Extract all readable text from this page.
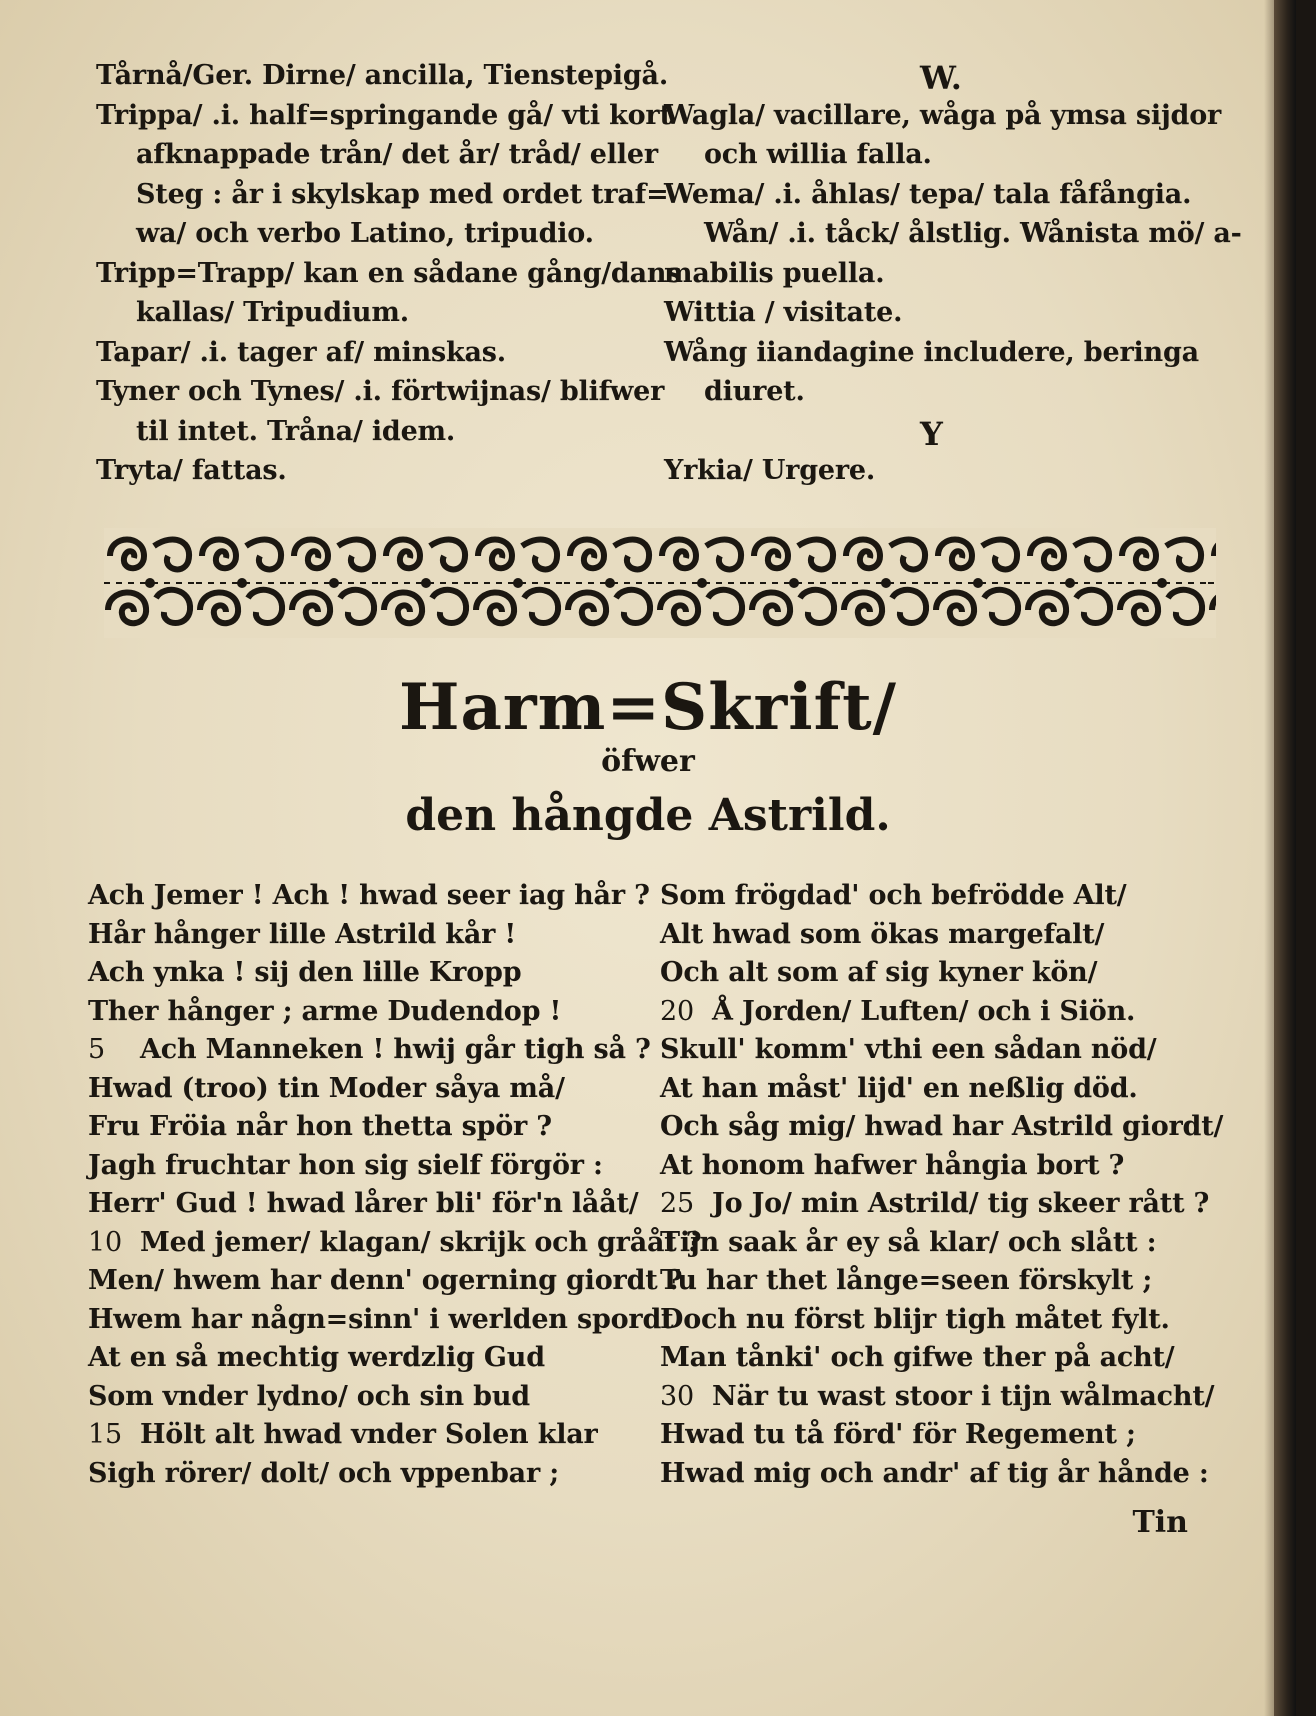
Tårnå/Ger. Dirne/ ancilla, Tienstepigå.
Trippa/ .i. half=springande gå/ vti kort
afknappade trån/ det år/ tråd/ eller
Steg : år i skylskap med ordet traf=
wa/ och verbo Latino, tripudio.
Tripp=Trapp/ kan en sådane gång/dans
kallas/ Tripudium.
Tapar/ .i. tager af/ minskas.
Tyner och Tynes/ .i. förtwijnas/ blifwer
til intet. Tråna/ idem.
Tryta/ fattas.
W.
Wagla/ vacillare, wåga på ymsa sijdor
och willia falla.
Wema/ .i. åhlas/ tepa/ tala fåfångia.
Wån/ .i. tåck/ ålstlig. Wånista mö/ a-
mabilis puella.
Wittia / visitate.
Wång iiandagine includere, beringa
diuret.
Y
Yrkia/ Urgere.
Harm=Skrift/
öfwer
den hångde Astrild.
Ach Jemer ! Ach ! hwad seer iag hår ?
Hår hånger lille Astrild kår !
Ach ynka ! sij den lille Kropp
Ther hånger ; arme Dudendop !
Ach Manneken ! hwij går tigh så ?
5
Hwad (troo) tin Moder såya må/
Fru Fröia når hon thetta spör ?
Jagh fruchtar hon sig sielf förgör :
Herr' Gud ! hwad lårer bli' för'n lååt/
Med jemer/ klagan/ skrijk och grååt ?
10
Men/ hwem har denn' ogerning giordt ?
Hwem har någn=sinn' i werlden spordt
At en så mechtig werdzlig Gud
Som vnder lydno/ och sin bud
Hölt alt hwad vnder Solen klar
15
Sigh rörer/ dolt/ och vppenbar ;
Som frögdad' och befrödde Alt/
Alt hwad som ökas margefalt/
Och alt som af sig kyner kön/
Å Jorden/ Luften/ och i Siön.
20
Skull' komm' vthi een sådan nöd/
At han måst' lijd' en neßlig död.
Och såg mig/ hwad har Astrild giordt/
At honom hafwer hångia bort ?
Jo Jo/ min Astrild/ tig skeer rått ?
25
Tijn saak år ey så klar/ och slått :
Tu har thet långe=seen förskylt ;
Doch nu först blijr tigh måtet fylt.
Man tånki' och gifwe ther på acht/
När tu wast stoor i tijn wålmacht/
30
Hwad tu tå förd' för Regement ;
Hwad mig och andr' af tig år hånde :
Tin
